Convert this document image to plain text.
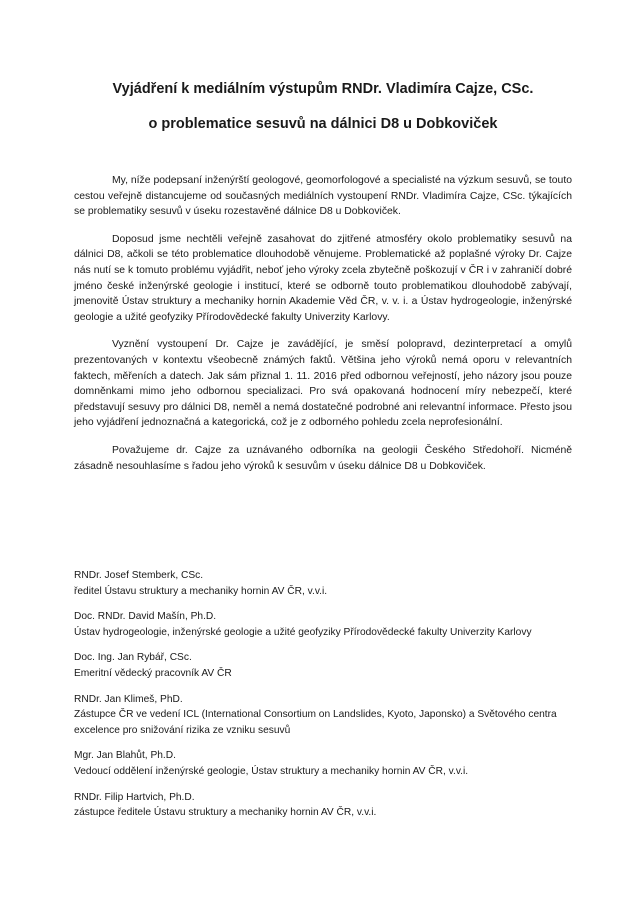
Vyjádření k mediálním výstupům RNDr. Vladimíra Cajze, CSc.
o problematice sesuvů na dálnici D8 u Dobkoviček

My, níže podepsaní inženýrští geologové, geomorfologové a specialisté na výzkum sesuvů, se touto cestou veřejně distancujeme od současných mediálních vystoupení RNDr. Vladimíra Cajze, CSc. týkajících se problematiky sesuvů v úseku rozestavěné dálnice D8 u Dobkoviček.

Doposud jsme nechtěli veřejně zasahovat do zjitřené atmosféry okolo problematiky sesuvů na dálnici D8, ačkoli se této problematice dlouhodobě věnujeme. Problematické až poplašné výroky Dr. Cajze nás nutí se k tomuto problému vyjádřit, neboť jeho výroky zcela zbytečně poškozují v ČR i v zahraničí dobré jméno české inženýrské geologie i institucí, které se odborně touto problematikou dlouhodobě zabývají, jmenovitě Ústav struktury a mechaniky hornin Akademie Věd ČR, v. v. i. a Ústav hydrogeologie, inženýrské geologie a užité geofyziky Přírodovědecké fakulty Univerzity Karlovy.

Vyznění vystoupení Dr. Cajze je zavádějící, je směsí polopravd, dezinterpretací a omylů prezentovaných v kontextu všeobecně známých faktů. Většina jeho výroků nemá oporu v relevantních faktech, měřeních a datech. Jak sám přiznal 1. 11. 2016 před odbornou veřejností, jeho názory jsou pouze domněnkami mimo jeho odbornou specializaci. Pro svá opakovaná hodnocení míry nebezpečí, které představují sesuvy pro dálnici D8, neměl a nemá dostatečné podrobné ani relevantní informace. Přesto jsou jeho vyjádření jednoznačná a kategorická, což je z odborného pohledu zcela neprofesionální.

Považujeme dr. Cajze za uznávaného odborníka na geologii Českého Středohoří. Nicméně zásadně nesouhlasíme s řadou jeho výroků k sesuvům v úseku dálnice D8 u Dobkoviček.

RNDr. Josef Stemberk, CSc.
ředitel Ústavu struktury a mechaniky hornin AV ČR, v.v.i.
Doc. RNDr. David Mašín, Ph.D.
Ústav hydrogeologie, inženýrské geologie a užité geofyziky Přírodovědecké fakulty Univerzity Karlovy
Doc. Ing. Jan Rybář, CSc.
Emeritní vědecký pracovník AV ČR
RNDr. Jan Klimeš, PhD.
Zástupce ČR ve vedení ICL (International Consortium on Landslides, Kyoto, Japonsko) a Světového centra excelence pro snižování rizika ze vzniku sesuvů
Mgr. Jan Blahůt, Ph.D.
Vedoucí oddělení inženýrské geologie, Ústav struktury a mechaniky hornin AV ČR, v.v.i.
RNDr. Filip Hartvich, Ph.D.
zástupce ředitele Ústavu struktury a mechaniky hornin AV ČR, v.v.i.
